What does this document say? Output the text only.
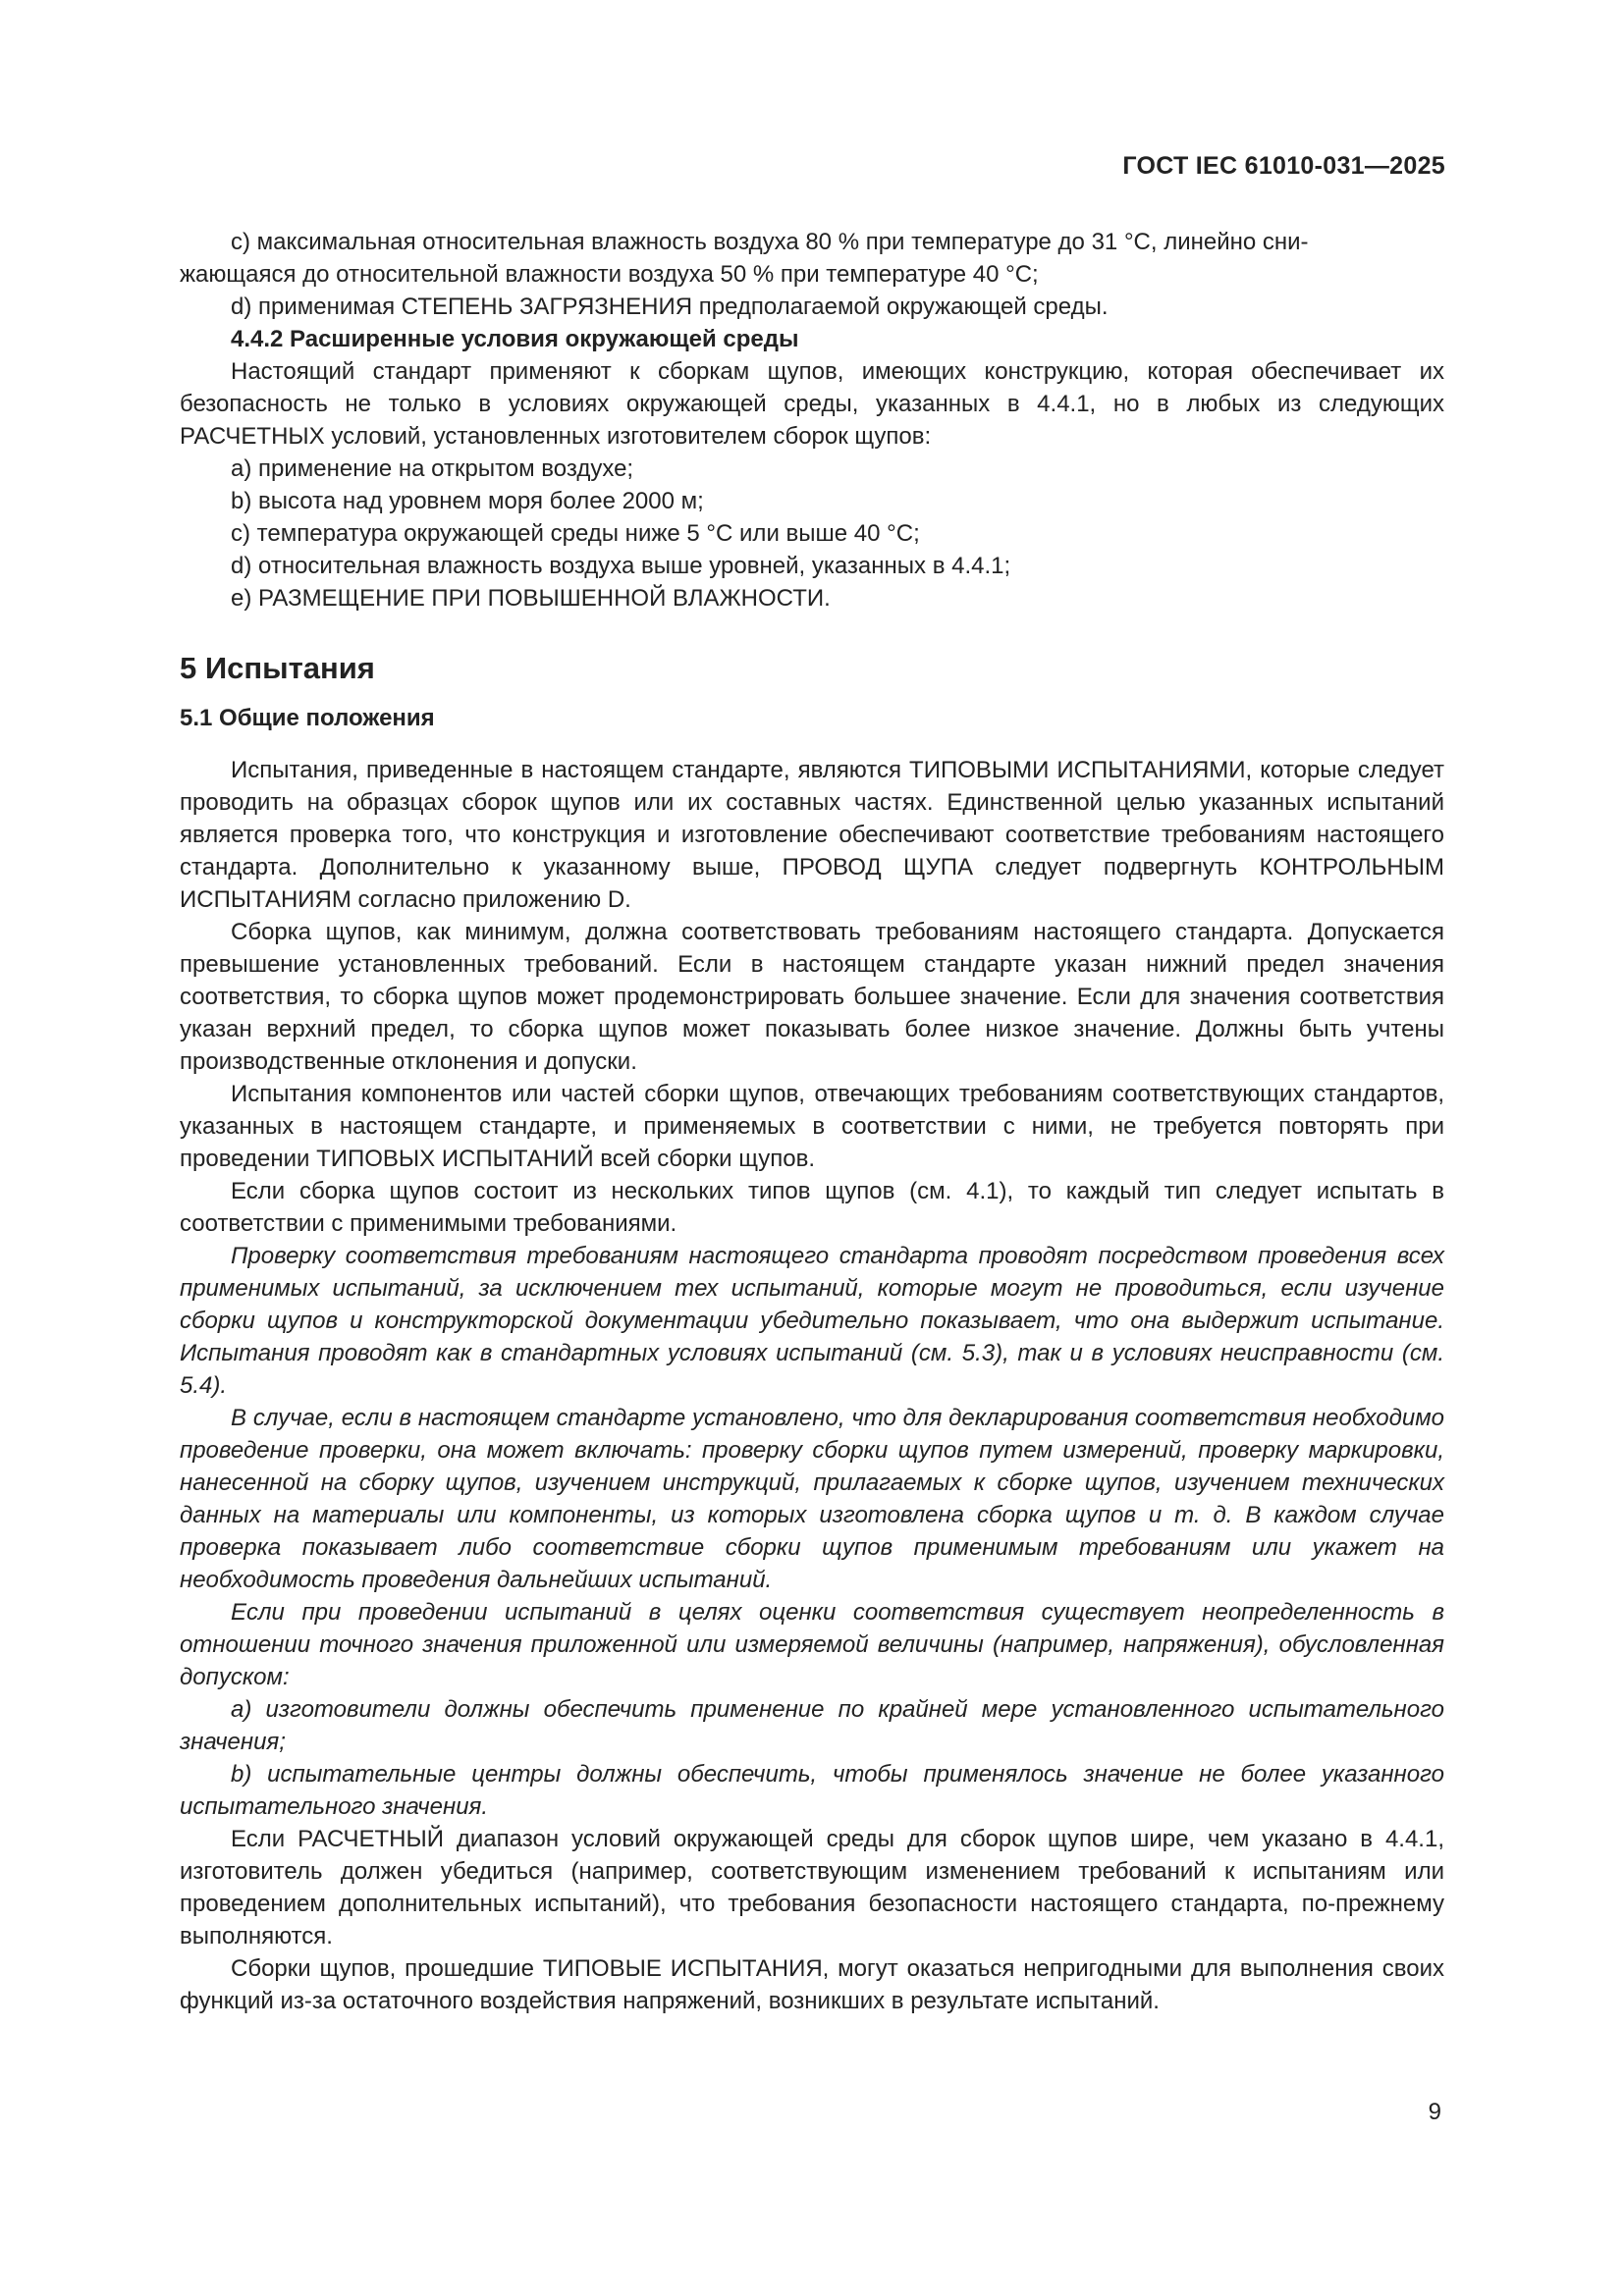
ГОСТ IEC 61010-031—2025

c) максимальная относительная влажность воздуха 80 % при температуре до 31 °C, линейно сни-

жающаяся до относительной влажности воздуха 50 % при температуре 40 °C;

d) применимая СТЕПЕНЬ ЗАГРЯЗНЕНИЯ предполагаемой окружающей среды.

4.4.2 Расширенные условия окружающей среды

Настоящий стандарт применяют к сборкам щупов, имеющих конструкцию, которая обеспечивает их безопасность не только в условиях окружающей среды, указанных в 4.4.1, но в любых из следующих РАСЧЕТНЫХ условий, установленных изготовителем сборок щупов:

a) применение на открытом воздухе;

b) высота над уровнем моря более 2000 м;

c) температура окружающей среды ниже 5 °C или выше 40 °C;

d) относительная влажность воздуха выше уровней, указанных в 4.4.1;

e) РАЗМЕЩЕНИЕ ПРИ ПОВЫШЕННОЙ ВЛАЖНОСТИ.

5 Испытания

5.1 Общие положения

Испытания, приведенные в настоящем стандарте, являются ТИПОВЫМИ ИСПЫТАНИЯМИ, которые следует проводить на образцах сборок щупов или их составных частях. Единственной целью указанных испытаний является проверка того, что конструкция и изготовление обеспечивают соответствие требованиям настоящего стандарта. Дополнительно к указанному выше, ПРОВОД ЩУПА следует подвергнуть КОНТРОЛЬНЫМ ИСПЫТАНИЯМ согласно приложению D.

Сборка щупов, как минимум, должна соответствовать требованиям настоящего стандарта. Допускается превышение установленных требований. Если в настоящем стандарте указан нижний предел значения соответствия, то сборка щупов может продемонстрировать большее значение. Если для значения соответствия указан верхний предел, то сборка щупов может показывать более низкое значение. Должны быть учтены производственные отклонения и допуски.

Испытания компонентов или частей сборки щупов, отвечающих требованиям соответствующих стандартов, указанных в настоящем стандарте, и применяемых в соответствии с ними, не требуется повторять при проведении ТИПОВЫХ ИСПЫТАНИЙ всей сборки щупов.

Если сборка щупов состоит из нескольких типов щупов (см. 4.1), то каждый тип следует испытать в соответствии с применимыми требованиями.

Проверку соответствия требованиям настоящего стандарта проводят посредством проведения всех применимых испытаний, за исключением тех испытаний, которые могут не проводиться, если изучение сборки щупов и конструкторской документации убедительно показывает, что она выдержит испытание. Испытания проводят как в стандартных условиях испытаний (см. 5.3), так и в условиях неисправности (см. 5.4).

В случае, если в настоящем стандарте установлено, что для декларирования соответствия необходимо проведение проверки, она может включать: проверку сборки щупов путем измерений, проверку маркировки, нанесенной на сборку щупов, изучением инструкций, прилагаемых к сборке щупов, изучением технических данных на материалы или компоненты, из которых изготовлена сборка щупов и т. д. В каждом случае проверка показывает либо соответствие сборки щупов применимым требованиям или укажет на необходимость проведения дальнейших испытаний.

Если при проведении испытаний в целях оценки соответствия существует неопределенность в отношении точного значения приложенной или измеряемой величины (например, напряжения), обусловленная допуском:

a) изготовители должны обеспечить применение по крайней мере установленного испытательного значения;

b) испытательные центры должны обеспечить, чтобы применялось значение не более указанного испытательного значения.

Если РАСЧЕТНЫЙ диапазон условий окружающей среды для сборок щупов шире, чем указано в 4.4.1, изготовитель должен убедиться (например, соответствующим изменением требований к испытаниям или проведением дополнительных испытаний), что требования безопасности настоящего стандарта, по-прежнему выполняются.

Сборки щупов, прошедшие ТИПОВЫЕ ИСПЫТАНИЯ, могут оказаться непригодными для выполнения своих функций из-за остаточного воздействия напряжений, возникших в результате испытаний.

9
